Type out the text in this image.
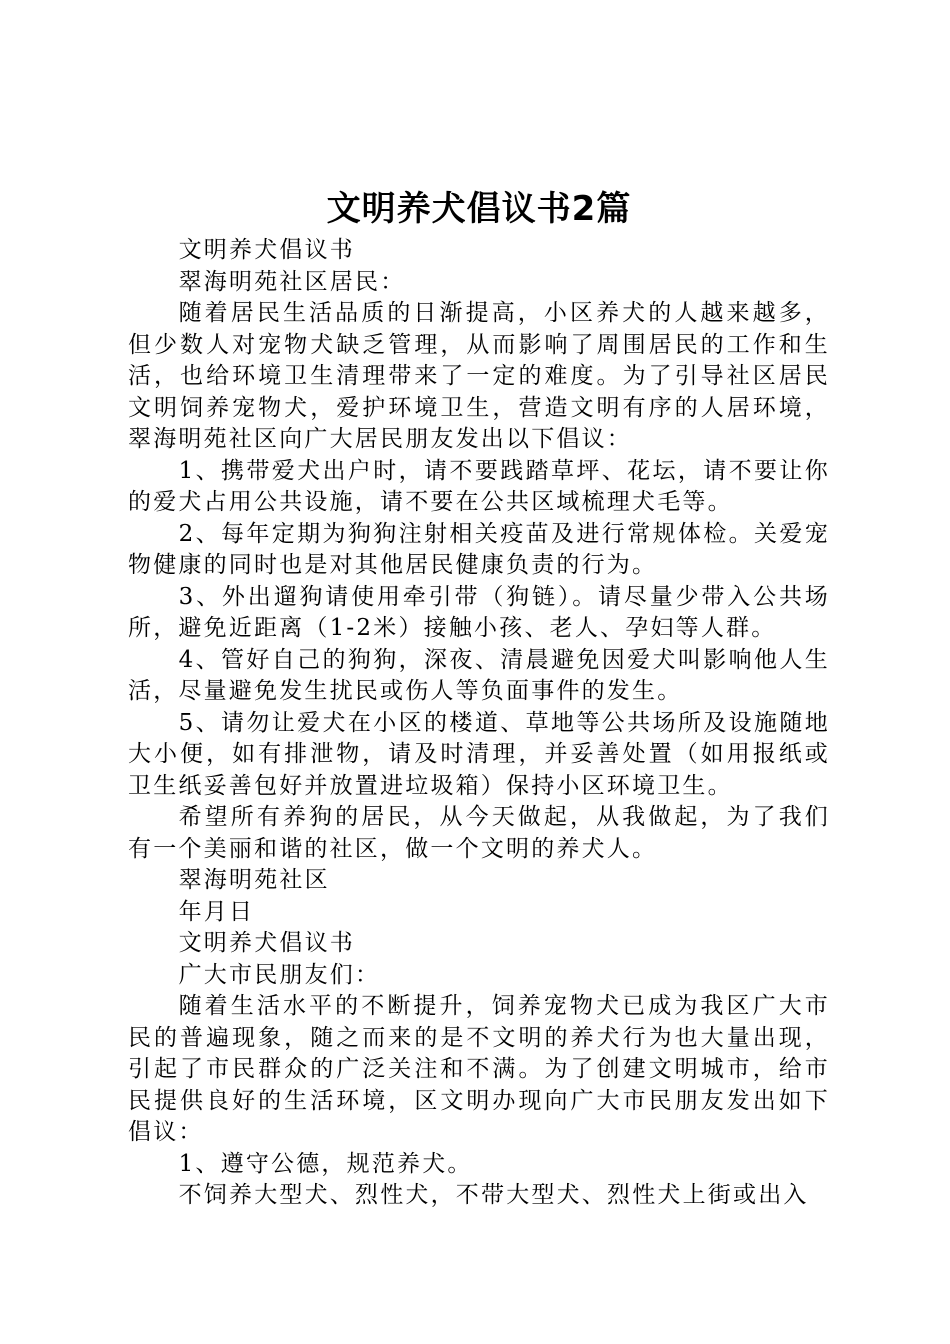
文明养犬倡议书2篇

文明养犬倡议书

翠海明苑社区居民：

随着居民生活品质的日渐提高，小区养犬的人越来越多，但少数人对宠物犬缺乏管理，从而影响了周围居民的工作和生活，也给环境卫生清理带来了一定的难度。为了引导社区居民文明饲养宠物犬，爱护环境卫生，营造文明有序的人居环境，翠海明苑社区向广大居民朋友发出以下倡议：

1、携带爱犬出户时，请不要践踏草坪、花坛，请不要让你的爱犬占用公共设施，请不要在公共区域梳理犬毛等。

2、每年定期为狗狗注射相关疫苗及进行常规体检。关爱宠物健康的同时也是对其他居民健康负责的行为。

3、外出遛狗请使用牵引带（狗链）。请尽量少带入公共场所，避免近距离（1-2米）接触小孩、老人、孕妇等人群。

4、管好自己的狗狗，深夜、清晨避免因爱犬叫影响他人生活，尽量避免发生扰民或伤人等负面事件的发生。

5、请勿让爱犬在小区的楼道、草地等公共场所及设施随地大小便，如有排泄物，请及时清理，并妥善处置（如用报纸或卫生纸妥善包好并放置进垃圾箱）保持小区环境卫生。

希望所有养狗的居民，从今天做起，从我做起，为了我们有一个美丽和谐的社区，做一个文明的养犬人。

翠海明苑社区

年月日

文明养犬倡议书

广大市民朋友们：

随着生活水平的不断提升，饲养宠物犬已成为我区广大市民的普遍现象，随之而来的是不文明的养犬行为也大量出现，引起了市民群众的广泛关注和不满。为了创建文明城市，给市民提供良好的生活环境，区文明办现向广大市民朋友发出如下倡议：

1、遵守公德，规范养犬。

不饲养大型犬、烈性犬，不带大型犬、烈性犬上街或出入
